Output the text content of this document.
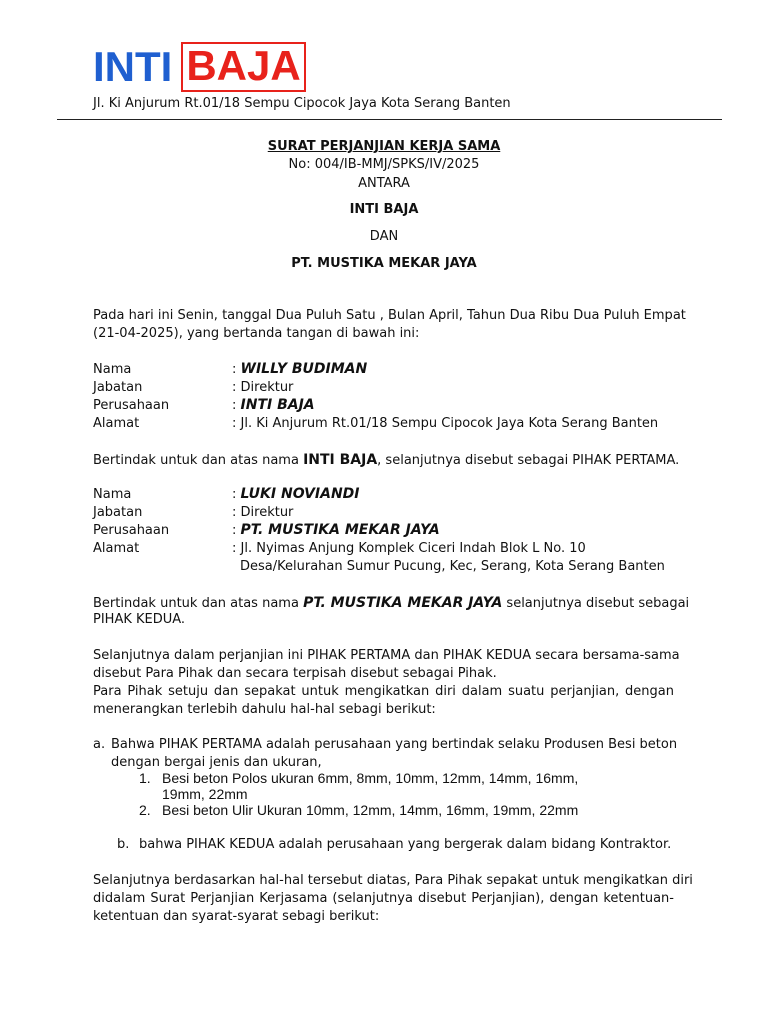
INTI BAJA
Jl. Ki Anjurum Rt.01/18 Sempu Cipocok Jaya Kota Serang Banten
SURAT PERJANJIAN KERJA SAMA
No: 004/IB-MMJ/SPKS/IV/2025
ANTARA
INTI BAJA
DAN
PT. MUSTIKA MEKAR JAYA
Pada hari ini Senin, tanggal Dua Puluh Satu , Bulan April, Tahun Dua Ribu Dua Puluh Empat
(21-04-2025), yang bertanda tangan di bawah ini:
Nama	: WILLY BUDIMAN
Jabatan	: Direktur
Perusahaan	: INTI BAJA
Alamat	: Jl. Ki Anjurum Rt.01/18 Sempu Cipocok Jaya Kota Serang Banten
Bertindak untuk dan atas nama INTI BAJA, selanjutnya disebut sebagai PIHAK PERTAMA.
Nama	: LUKI NOVIANDI
Jabatan	: Direktur
Perusahaan	: PT. MUSTIKA MEKAR JAYA
Alamat	: Jl. Nyimas Anjung Komplek Ciceri Indah Blok L No. 10
Desa/Kelurahan Sumur Pucung, Kec, Serang, Kota Serang Banten
Bertindak untuk dan atas nama PT. MUSTIKA MEKAR JAYA selanjutnya disebut sebagai
PIHAK KEDUA.
Selanjutnya dalam perjanjian ini PIHAK PERTAMA dan PIHAK KEDUA secara bersama-sama
disebut Para Pihak dan secara terpisah disebut sebagai Pihak.
Para Pihak setuju dan sepakat untuk mengikatkan diri dalam suatu perjanjian, dengan
menerangkan terlebih dahulu hal-hal sebagi berikut:
a. Bahwa PIHAK PERTAMA adalah perusahaan yang bertindak selaku Produsen Besi beton
dengan bergai jenis dan ukuran,
1. Besi beton Polos ukuran 6mm, 8mm, 10mm, 12mm, 14mm, 16mm,
19mm, 22mm
2. Besi beton Ulir Ukuran 10mm, 12mm, 14mm, 16mm, 19mm, 22mm
b. bahwa PIHAK KEDUA adalah perusahaan yang bergerak dalam bidang Kontraktor.
Selanjutnya berdasarkan hal-hal tersebut diatas, Para Pihak sepakat untuk mengikatkan diri
didalam Surat Perjanjian Kerjasama (selanjutnya disebut Perjanjian), dengan ketentuan-
ketentuan dan syarat-syarat sebagi berikut:
